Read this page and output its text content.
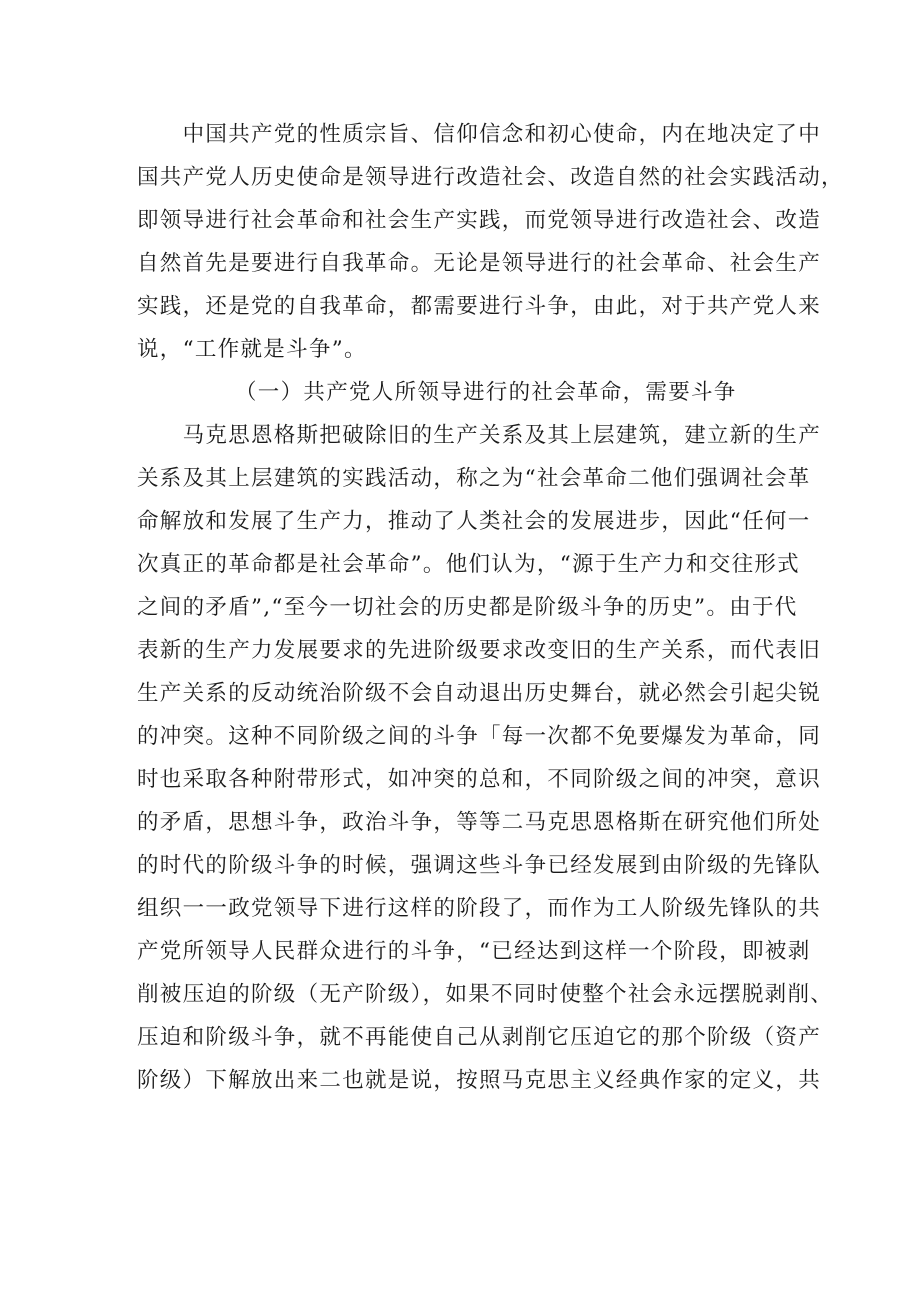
　　中国共产党的性质宗旨、信仰信念和初心使命，内在地决定了中
国共产党人历史使命是领导进行改造社会、改造自然的社会实践活动，
即领导进行社会革命和社会生产实践，而党领导进行改造社会、改造
自然首先是要进行自我革命。无论是领导进行的社会革命、社会生产
实践，还是党的自我革命，都需要进行斗争，由此，对于共产党人来
说，“工作就是斗争”。
（一）共产党人所领导进行的社会革命，需要斗争
　　马克思恩格斯把破除旧的生产关系及其上层建筑，建立新的生产
关系及其上层建筑的实践活动，称之为“社会革命二他们强调社会革
命解放和发展了生产力，推动了人类社会的发展进步，因此“任何一
次真正的革命都是社会革命”。他们认为，“源于生产力和交往形式
之间的矛盾”,“至今一切社会的历史都是阶级斗争的历史”。由于代
表新的生产力发展要求的先进阶级要求改变旧的生产关系，而代表旧
生产关系的反动统治阶级不会自动退出历史舞台，就必然会引起尖锐
的冲突。这种不同阶级之间的斗争「每一次都不免要爆发为革命，同
时也采取各种附带形式，如冲突的总和，不同阶级之间的冲突，意识
的矛盾，思想斗争，政治斗争，等等二马克思恩格斯在研究他们所处
的时代的阶级斗争的时候，强调这些斗争已经发展到由阶级的先锋队
组织一一政党领导下进行这样的阶段了，而作为工人阶级先锋队的共
产党所领导人民群众进行的斗争，“已经达到这样一个阶段，即被剥
削被压迫的阶级（无产阶级），如果不同时使整个社会永远摆脱剥削、
压迫和阶级斗争，就不再能使自己从剥削它压迫它的那个阶级（资产
阶级）下解放出来二也就是说，按照马克思主义经典作家的定义，共
